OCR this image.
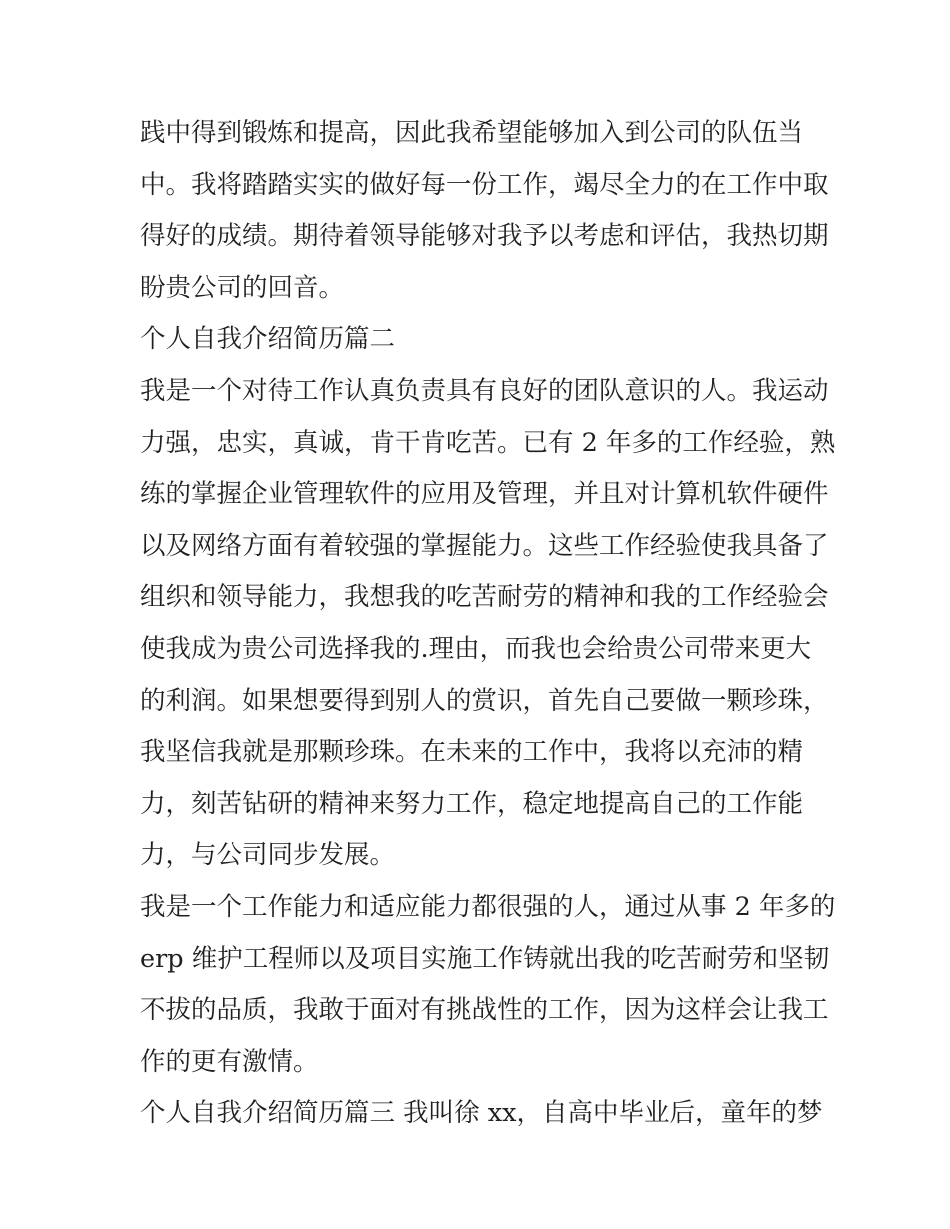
践中得到锻炼和提高，因此我希望能够加入到公司的队伍当

中。我将踏踏实实的做好每一份工作，竭尽全力的在工作中取

得好的成绩。期待着领导能够对我予以考虑和评估，我热切期

盼贵公司的回音。

个人自我介绍简历篇二

我是一个对待工作认真负责具有良好的团队意识的人。我运动

力强，忠实，真诚，肯干肯吃苦。已有 2 年多的工作经验，熟

练的掌握企业管理软件的应用及管理，并且对计算机软件硬件

以及网络方面有着较强的掌握能力。这些工作经验使我具备了

组织和领导能力，我想我的吃苦耐劳的精神和我的工作经验会

使我成为贵公司选择我的.理由，而我也会给贵公司带来更大

的利润。如果想要得到别人的赏识，首先自己要做一颗珍珠，

我坚信我就是那颗珍珠。在未来的工作中，我将以充沛的精

力，刻苦钻研的精神来努力工作，稳定地提高自己的工作能

力，与公司同步发展。

我是一个工作能力和适应能力都很强的人，通过从事 2 年多的

erp 维护工程师以及项目实施工作铸就出我的吃苦耐劳和坚韧

不拔的品质，我敢于面对有挑战性的工作，因为这样会让我工

作的更有激情。

个人自我介绍简历篇三 我叫徐 xx，自高中毕业后，童年的梦
